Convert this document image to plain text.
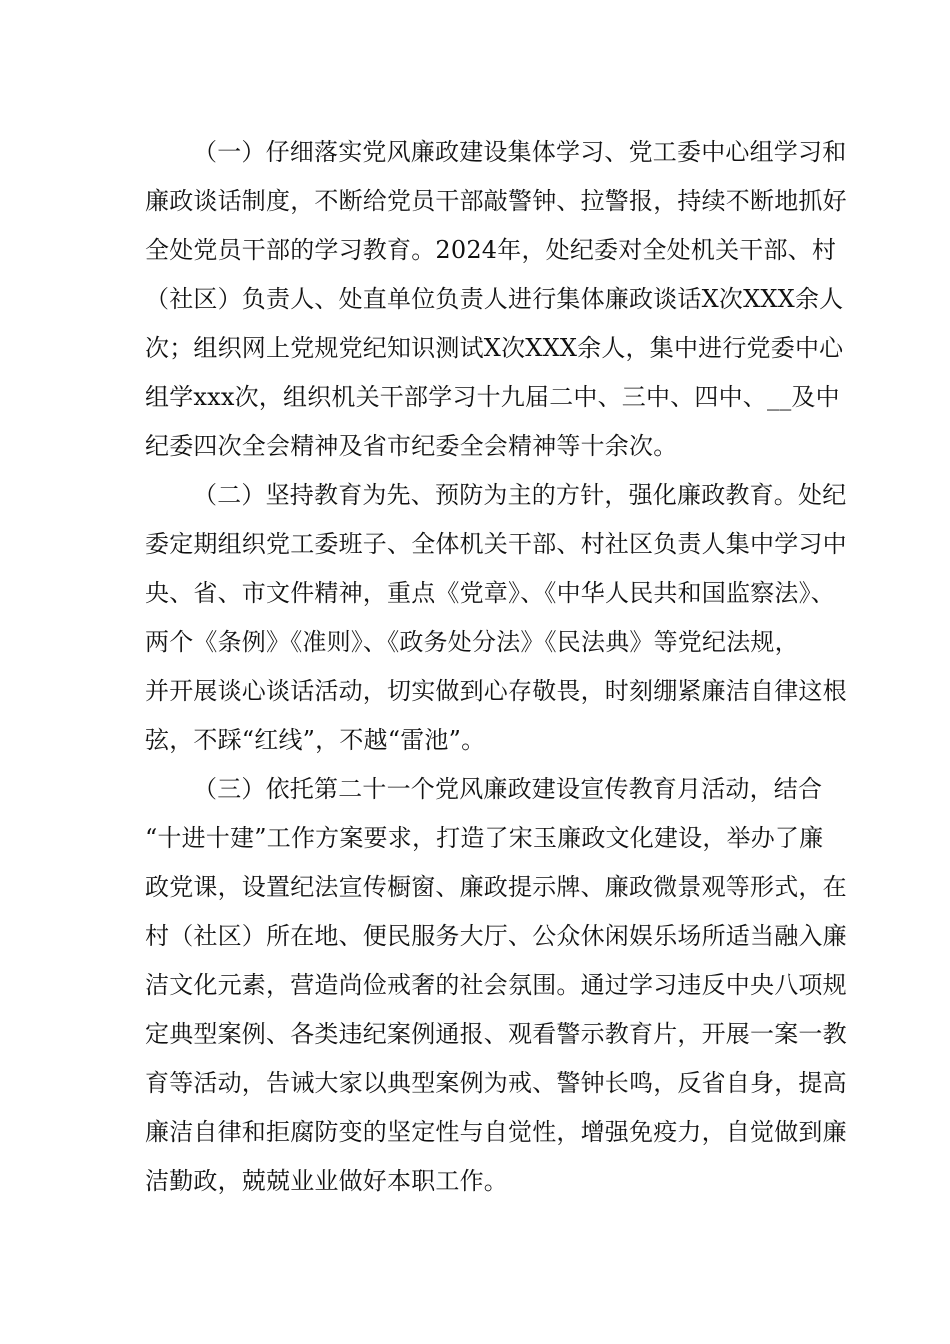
（一）仔细落实党风廉政建设集体学习、党工委中心组学习和
廉政谈话制度，不断给党员干部敲警钟、拉警报，持续不断地抓好
全处党员干部的学习教育。2024年，处纪委对全处机关干部、村
（社区）负责人、处直单位负责人进行集体廉政谈话X次XXX余人
次；组织网上党规党纪知识测试X次XXX余人，集中进行党委中心
组学xxx次，组织机关干部学习十九届二中、三中、四中、__及中
纪委四次全会精神及省市纪委全会精神等十余次。
（二）坚持教育为先、预防为主的方针，强化廉政教育。处纪
委定期组织党工委班子、全体机关干部、村社区负责人集中学习中
央、省、市文件精神，重点《党章》、《中华人民共和国监察法》、
两个《条例》《准则》、《政务处分法》《民法典》等党纪法规，
并开展谈心谈话活动，切实做到心存敬畏，时刻绷紧廉洁自律这根
弦，不踩“红线”，不越“雷池”。
（三）依托第二十一个党风廉政建设宣传教育月活动，结合
“十进十建”工作方案要求，打造了宋玉廉政文化建设，举办了廉
政党课，设置纪法宣传橱窗、廉政提示牌、廉政微景观等形式，在
村（社区）所在地、便民服务大厅、公众休闲娱乐场所适当融入廉
洁文化元素，营造尚俭戒奢的社会氛围。通过学习违反中央八项规
定典型案例、各类违纪案例通报、观看警示教育片，开展一案一教
育等活动，告诫大家以典型案例为戒、警钟长鸣，反省自身，提高
廉洁自律和拒腐防变的坚定性与自觉性，增强免疫力，自觉做到廉
洁勤政，兢兢业业做好本职工作。
